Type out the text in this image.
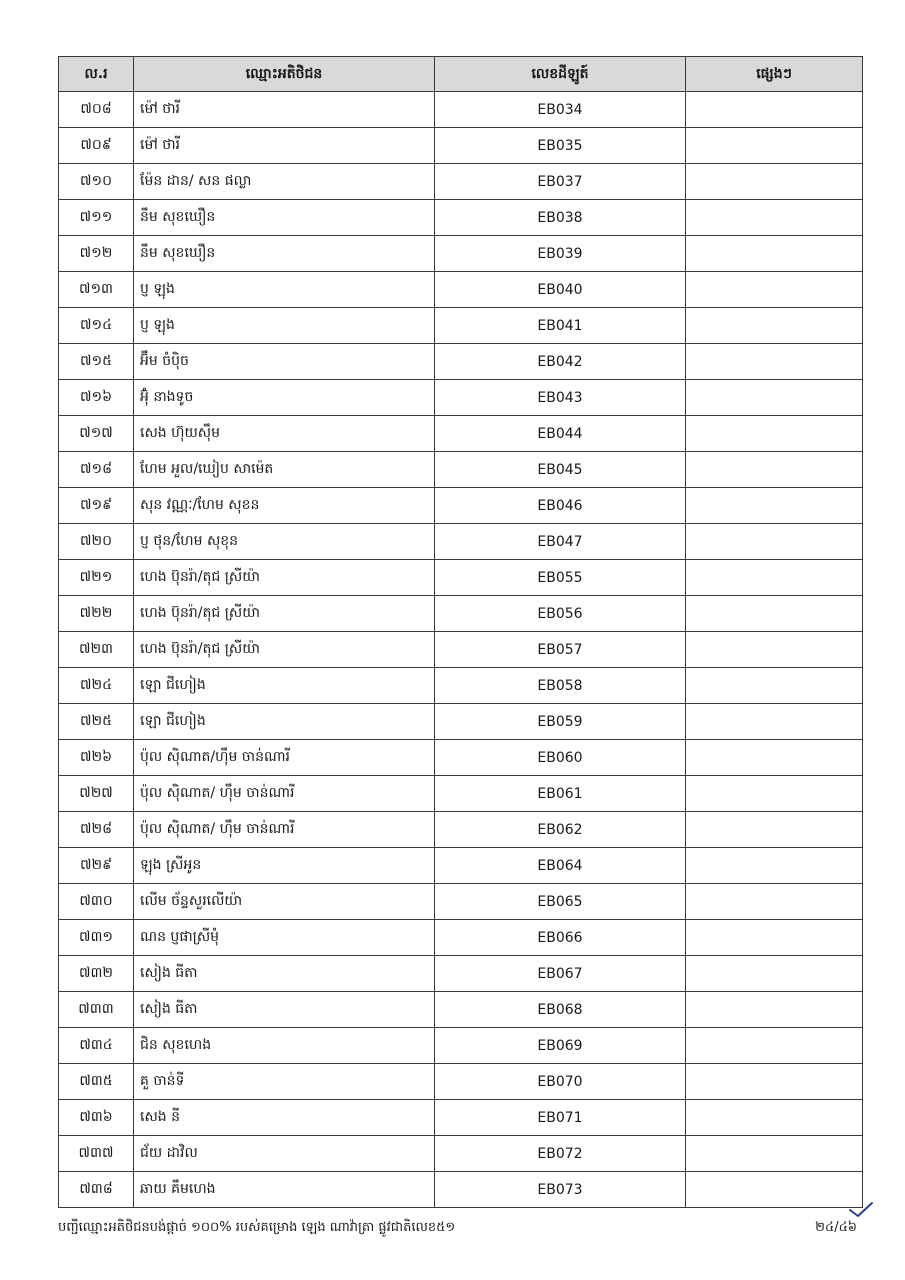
ល.រ	ឈ្មោះអតិថិជន	លេខដីឡូត៍	ផ្សេងៗ
៧០៨	ម៉ៅ ថារី	EB034	
៧០៩	ម៉ៅ ថារី	EB035	
៧១០	ម៉ែន ដាន/ សន ផល្លា	EB037	
៧១១	នឹម សុខឃឿន	EB038	
៧១២	នឹម សុខឃឿន	EB039	
៧១៣	ប្ញ ឡុង	EB040	
៧១៤	ប្ញ ឡុង	EB041	
៧១៥	អ៊ឹម ចំប៉ិច	EB042	
៧១៦	អ៊ុំ នាងទូច	EB043	
៧១៧	សេង ហ៊ុយស៊ឹម	EB044	
៧១៨	ហែម អួល/ឃៀប សាម៉េត	EB045	
៧១៩	សុន វណ្ណៈ/ហែម សុខន	EB046	
៧២០	ប្ញ ថុន/ហែម សុខុន	EB047	
៧២១	ហេង ប៊ុនរ៉ា/តុជ ស្រីយ៉ា	EB055	
៧២២	ហេង ប៊ុនរ៉ា/តុជ ស្រីយ៉ា	EB056	
៧២៣	ហេង ប៊ុនរ៉ា/តុជ ស្រីយ៉ា	EB057	
៧២៤	ឡោ ជីហៀង	EB058	
៧២៥	ឡោ ជីហៀង	EB059	
៧២៦	ប៉ុល ស៊ិណាត/ហ៊ឹម ចាន់ណារី	EB060	
៧២៧	ប៉ុល ស៊ិណាត/ ហ៊ឹម ចាន់ណារី	EB061	
៧២៨	ប៉ុល ស៊ិណាត/ ហ៊ឹម ចាន់ណារី	EB062	
៧២៩	ឡុង ស្រីអូន	EB064	
៧៣០	លើម ច័ន្ទសួរលើយ៉ា	EB065	
៧៣១	ណន ប្ញផាស្រីមុំ	EB066	
៧៣២	សៀង ធីតា	EB067	
៧៣៣	សៀង ធីតា	EB068	
៧៣៤	ជិន សុខហេង	EB069	
៧៣៥	គួ ចាន់ទី	EB070	
៧៣៦	សេង នី	EB071	
៧៣៧	ជ័យ ដាវិល	EB072	
៧៣៨	ឆាយ គឹមហេង	EB073	
បញ្ជីឈ្មោះអតិថិជនបង់ផ្តាច់ ១០០% របស់គម្រោង ឡេង ណាវ៉ាត្រា ផ្លូវជាតិលេខ៥១	២៤/៤៦
